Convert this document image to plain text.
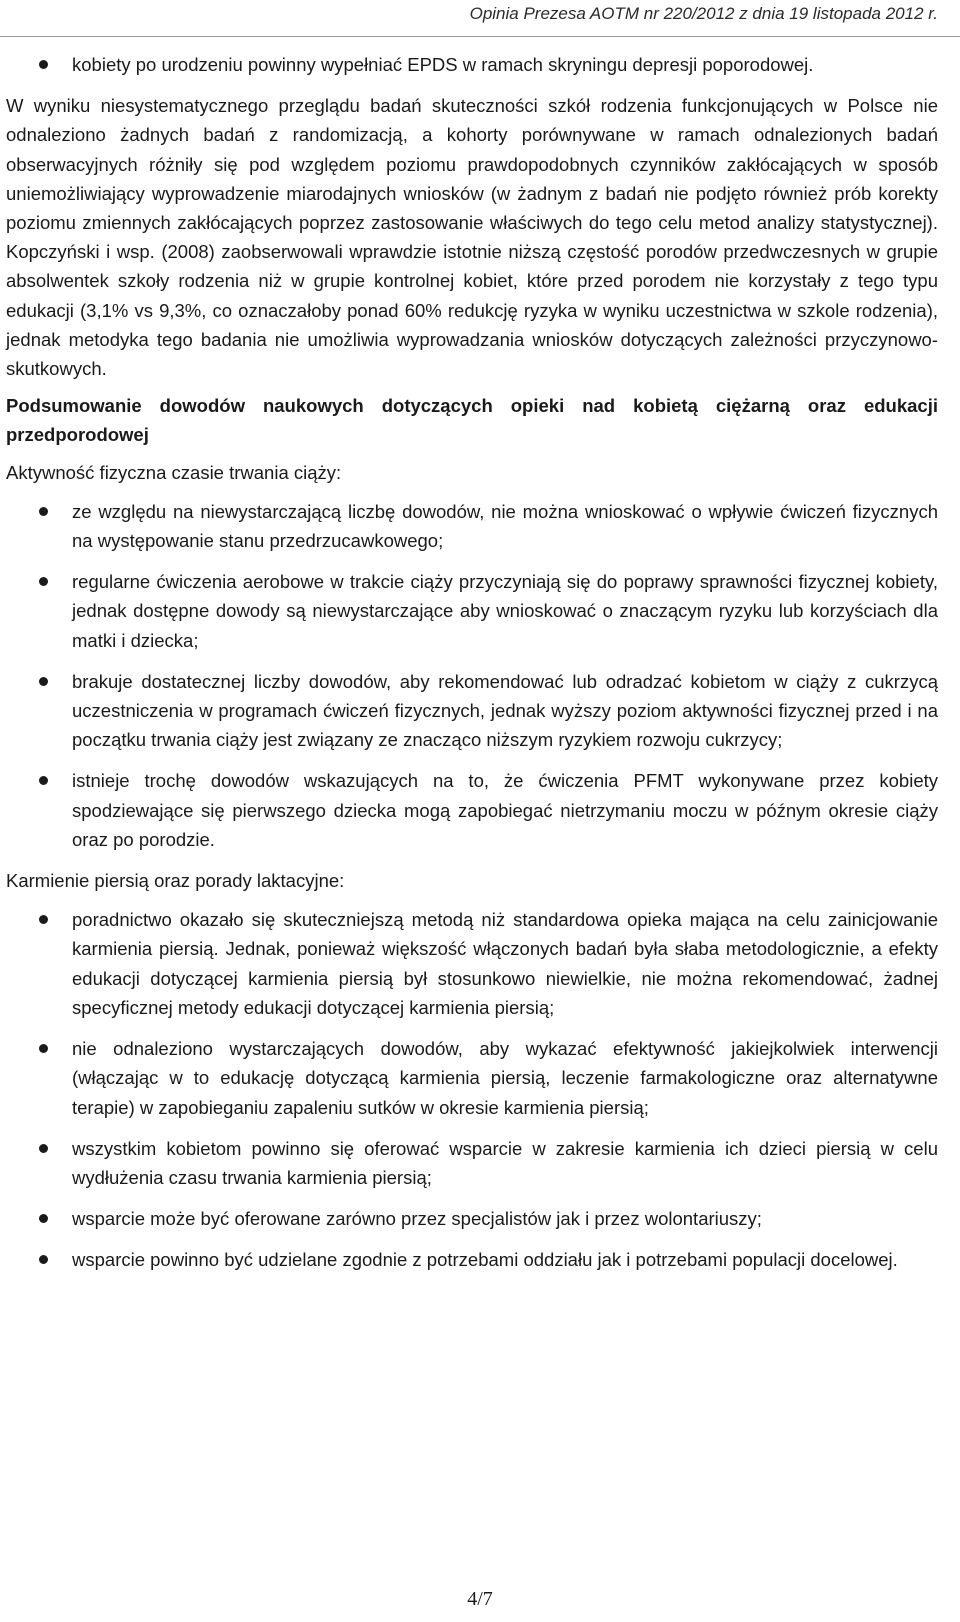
Opinia Prezesa AOTM nr 220/2012 z dnia 19 listopada 2012 r.
kobiety po urodzeniu powinny wypełniać EPDS w ramach skryningu depresji poporodowej.

W wyniku niesystematycznego przeglądu badań skuteczności szkół rodzenia funkcjonujących w Polsce nie odnaleziono żadnych badań z randomizacją, a kohorty porównywane w ramach odnalezionych badań obserwacyjnych różniły się pod względem poziomu prawdopodobnych czynników zakłócających w sposób uniemożliwiający wyprowadzenie miarodajnych wniosków (w żadnym z badań nie podjęto również prób korekty poziomu zmiennych zakłócających poprzez zastosowanie właściwych do tego celu metod analizy statystycznej). Kopczyński i wsp. (2008) zaobserwowali wprawdzie istotnie niższą częstość porodów przedwczesnych w grupie absolwentek szkoły rodzenia niż w grupie kontrolnej kobiet, które przed porodem nie korzystały z tego typu edukacji (3,1% vs 9,3%, co oznaczałoby ponad 60% redukcję ryzyka w wyniku uczestnictwa w szkole rodzenia), jednak metodyka tego badania nie umożliwia wyprowadzania wniosków dotyczących zależności przyczynowo-skutkowych.

Podsumowanie dowodów naukowych dotyczących opieki nad kobietą ciężarną oraz edukacji przedporodowej

Aktywność fizyczna czasie trwania ciąży:

ze względu na niewystarczającą liczbę dowodów, nie można wnioskować o wpływie ćwiczeń fizycznych na występowanie stanu przedrzucawkowego;
regularne ćwiczenia aerobowe w trakcie ciąży przyczyniają się do poprawy sprawności fizycznej kobiety, jednak dostępne dowody są niewystarczające aby wnioskować o znaczącym ryzyku lub korzyściach dla matki i dziecka;
brakuje dostatecznej liczby dowodów, aby rekomendować lub odradzać kobietom w ciąży z cukrzycą uczestniczenia w programach ćwiczeń fizycznych, jednak wyższy poziom aktywności fizycznej przed i na początku trwania ciąży jest związany ze znacząco niższym ryzykiem rozwoju cukrzycy;
istnieje trochę dowodów wskazujących na to, że ćwiczenia PFMT wykonywane przez kobiety spodziewające się pierwszego dziecka mogą zapobiegać nietrzymaniu moczu w późnym okresie ciąży oraz po porodzie.

Karmienie piersią oraz porady laktacyjne:

poradnictwo okazało się skuteczniejszą metodą niż standardowa opieka mająca na celu zainicjowanie karmienia piersią. Jednak, ponieważ większość włączonych badań była słaba metodologicznie, a efekty edukacji dotyczącej karmienia piersią był stosunkowo niewielkie, nie można rekomendować, żadnej specyficznej metody edukacji dotyczącej karmienia piersią;
nie odnaleziono wystarczających dowodów, aby wykazać efektywność jakiejkolwiek interwencji (włączając w to edukację dotyczącą karmienia piersią, leczenie farmakologiczne oraz alternatywne terapie) w zapobieganiu zapaleniu sutków w okresie karmienia piersią;
wszystkim kobietom powinno się oferować wsparcie w zakresie karmienia ich dzieci piersią w celu wydłużenia czasu trwania karmienia piersią;
wsparcie może być oferowane zarówno przez specjalistów jak i przez wolontariuszy;
wsparcie powinno być udzielane zgodnie z potrzebami oddziału jak i potrzebami populacji docelowej.
4/7
